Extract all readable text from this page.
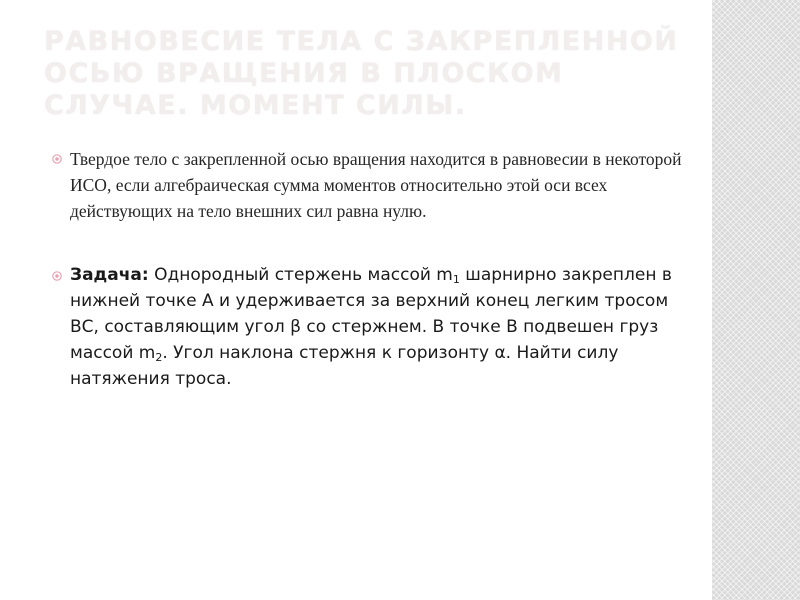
РАВНОВЕСИЕ ТЕЛА С ЗАКРЕПЛЕННОЙ ОСЬЮ ВРАЩЕНИЯ В ПЛОСКОМ СЛУЧАЕ. МОМЕНТ СИЛЫ.
Твердое тело с закрепленной осью вращения находится в равновесии в некоторой ИСО, если алгебраическая сумма моментов относительно этой оси всех действующих на тело внешних сил равна нулю.
Задача: Однородный стержень массой $m_1$ шарнирно закреплен в нижней точке А и удерживается за верхний конец легким тросом ВС, составляющим угол β со стержнем. В точке В подвешен груз массой $m_2$. Угол наклона стержня к горизонту α. Найти силу натяжения троса.
